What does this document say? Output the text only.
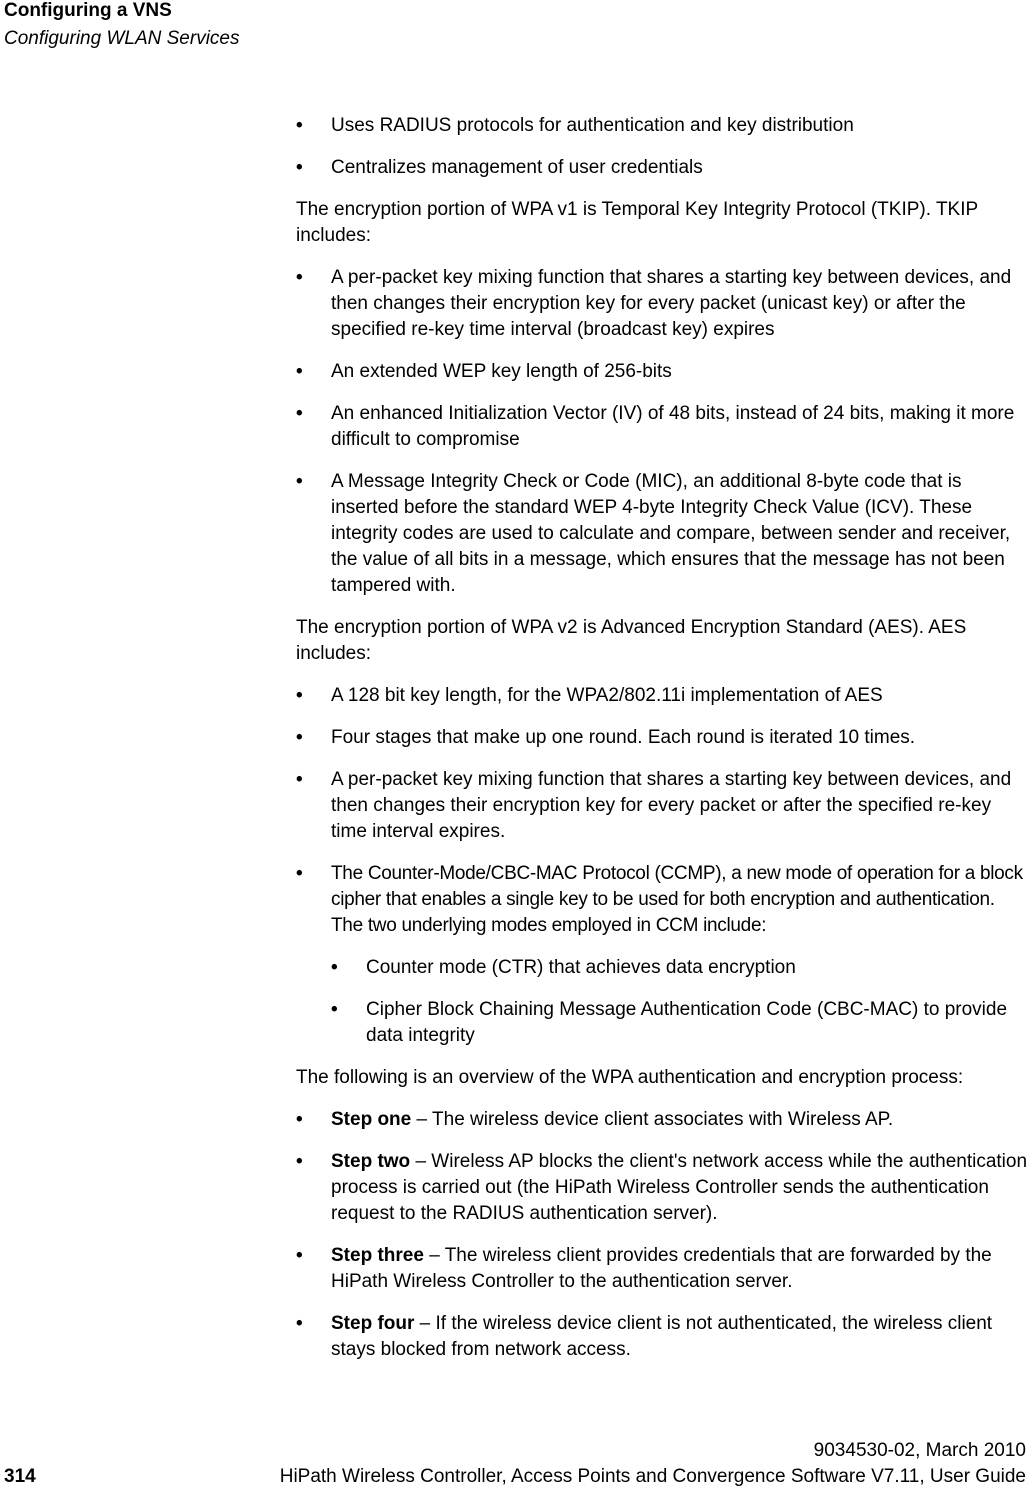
Configuring a VNS
Configuring WLAN Services
• Uses RADIUS protocols for authentication and key distribution
• Centralizes management of user credentials
The encryption portion of WPA v1 is Temporal Key Integrity Protocol (TKIP). TKIP includes:
• A per-packet key mixing function that shares a starting key between devices, and then changes their encryption key for every packet (unicast key) or after the specified re-key time interval (broadcast key) expires
• An extended WEP key length of 256-bits
• An enhanced Initialization Vector (IV) of 48 bits, instead of 24 bits, making it more difficult to compromise
• A Message Integrity Check or Code (MIC), an additional 8-byte code that is inserted before the standard WEP 4-byte Integrity Check Value (ICV). These integrity codes are used to calculate and compare, between sender and receiver, the value of all bits in a message, which ensures that the message has not been tampered with.
The encryption portion of WPA v2 is Advanced Encryption Standard (AES). AES includes:
• A 128 bit key length, for the WPA2/802.11i implementation of AES
• Four stages that make up one round. Each round is iterated 10 times.
• A per-packet key mixing function that shares a starting key between devices, and then changes their encryption key for every packet or after the specified re-key time interval expires.
• The Counter-Mode/CBC-MAC Protocol (CCMP), a new mode of operation for a block cipher that enables a single key to be used for both encryption and authentication. The two underlying modes employed in CCM include:
• Counter mode (CTR) that achieves data encryption
• Cipher Block Chaining Message Authentication Code (CBC-MAC) to provide data integrity
The following is an overview of the WPA authentication and encryption process:
• Step one – The wireless device client associates with Wireless AP.
• Step two – Wireless AP blocks the client's network access while the authentication process is carried out (the HiPath Wireless Controller sends the authentication request to the RADIUS authentication server).
• Step three – The wireless client provides credentials that are forwarded by the HiPath Wireless Controller to the authentication server.
• Step four – If the wireless device client is not authenticated, the wireless client stays blocked from network access.
9034530-02, March 2010
314	HiPath Wireless Controller, Access Points and Convergence Software V7.11, User Guide
